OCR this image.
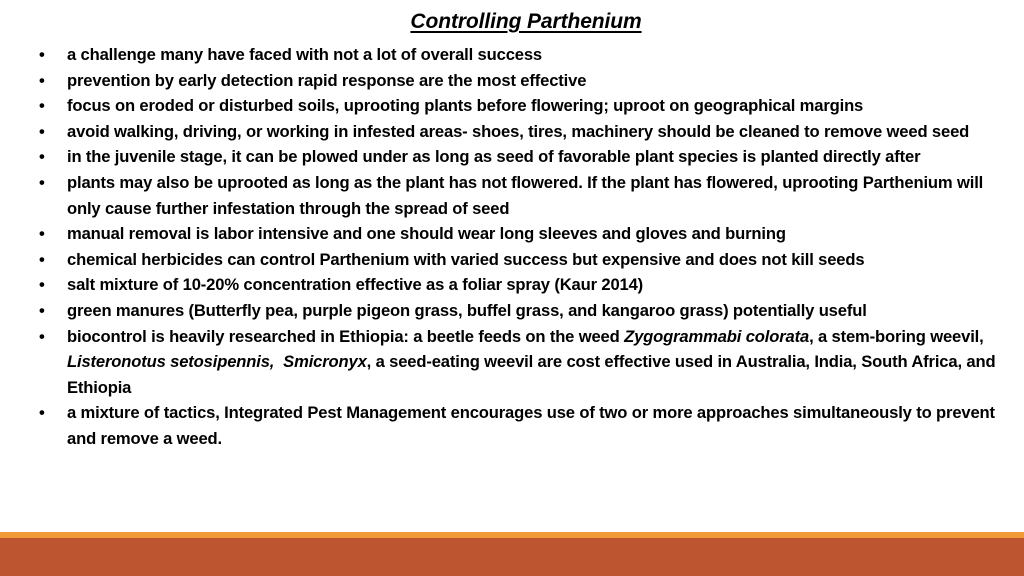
Controlling Parthenium
•	a challenge many have faced with not a lot of overall success
•	prevention by early detection rapid response are the most effective
•	focus on eroded or disturbed soils, uprooting plants before flowering; uproot on geographical margins
•	avoid walking, driving, or working in infested areas- shoes, tires, machinery should be cleaned to remove weed seed
•	in the juvenile stage, it can be plowed under as long as seed of favorable plant species is planted directly after
•	plants may also be uprooted as long as the plant has not flowered. If the plant has flowered, uprooting Parthenium will only cause further infestation through the spread of seed
•	manual removal is labor intensive and one should wear long sleeves and gloves and burning
•	chemical herbicides can control Parthenium with varied success but expensive and does not kill seeds
•	salt mixture of 10-20% concentration effective as a foliar spray (Kaur 2014)
•	green manures (Butterfly pea, purple pigeon grass, buffel grass, and kangaroo grass) potentially useful
•	biocontrol is heavily researched in Ethiopia: a beetle feeds on the weed Zygogrammabi colorata, a stem-boring weevil, Listeronotus setosipennis, Smicronyx, a seed-eating weevil are cost effective used in Australia, India, South Africa, and Ethiopia
•	a mixture of tactics, Integrated Pest Management encourages use of two or more approaches simultaneously to prevent and remove a weed.
